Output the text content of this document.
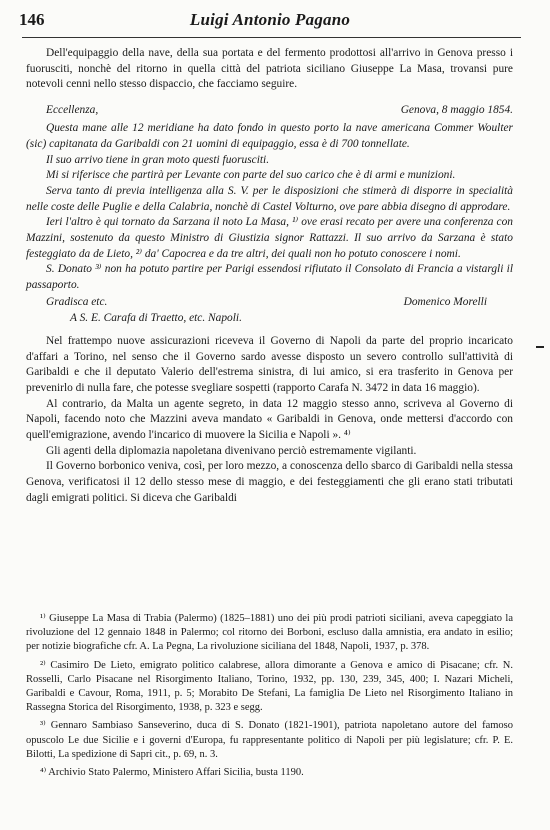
146	Luigi Antonio Pagano

Dell'equipaggio della nave, della sua portata e del fermento prodottosi all'arrivo in Genova presso i fuorusciti, nonchè del ritorno in quella città del patriota siciliano Giuseppe La Masa, trovansi pure notevoli cenni nello stesso dispaccio, che facciamo seguire.

Eccellenza,	Genova, 8 maggio 1854.

Questa mane alle 12 meridiane ha dato fondo in questo porto la nave americana Commer Woulter (sic) capitanata da Garibaldi con 21 uomini di equipaggio, essa è di 700 tonnellate.

Il suo arrivo tiene in gran moto questi fuorusciti.

Mi si riferisce che partirà per Levante con parte del suo carico che è di armi e munizioni.

Serva tanto di previa intelligenza alla S. V. per le disposizioni che stimerà di disporre in specialità nelle coste delle Puglie e della Calabria, nonchè di Castel Volturno, ove pare abbia disegno di approdare.

Ieri l'altro è qui tornato da Sarzana il noto La Masa, ¹⁾ ove erasi recato per avere una conferenza con Mazzini, sostenuto da questo Ministro di Giustizia signor Rattazzi. Il suo arrivo da Sarzana è stato festeggiato da de Lieto, ²⁾ da' Capocrea e da tre altri, dei quali non ho potuto conoscere i nomi.

S. Donato ³⁾ non ha potuto partire per Parigi essendosi rifiutato il Consolato di Francia a vistargli il passaporto.

Gradisca etc.	Domenico Morelli
A S. E. Carafa di Traetto, etc. Napoli.

Nel frattempo nuove assicurazioni riceveva il Governo di Napoli da parte del proprio incaricato d'affari a Torino, nel senso che il Governo sardo avesse disposto un severo controllo sull'attività di Garibaldi e che il deputato Valerio dell'estrema sinistra, di lui amico, si era trasferito in Genova per prevenirlo di nulla fare, che potesse svegliare sospetti (rapporto Carafa N. 3472 in data 16 maggio).

Al contrario, da Malta un agente segreto, in data 12 maggio stesso anno, scriveva al Governo di Napoli, facendo noto che Mazzini aveva mandato « Garibaldi in Genova, onde mettersi d'accordo con quell'emigrazione, avendo l'incarico di muovere la Sicilia e Napoli ». ⁴⁾

Gli agenti della diplomazia napoletana divenivano perciò estremamente vigilanti.

Il Governo borbonico veniva, così, per loro mezzo, a conoscenza dello sbarco di Garibaldi nella stessa Genova, verificatosi il 12 dello stesso mese di maggio, e dei festeggiamenti che gli erano stati tributati dagli emigrati politici. Si diceva che Garibaldi

¹⁾ Giuseppe La Masa di Trabia (Palermo) (1825–1881) uno dei più prodi patrioti siciliani, aveva capeggiato la rivoluzione del 12 gennaio 1848 in Palermo; col ritorno dei Borboni, escluso dalla amnistia, era andato in esilio; per notizie biografiche cfr. A. La Pegna, La rivoluzione siciliana del 1848, Napoli, 1937, p. 378.

²⁾ Casimiro De Lieto, emigrato politico calabrese, allora dimorante a Genova e amico di Pisacane; cfr. N. Rosselli, Carlo Pisacane nel Risorgimento Italiano, Torino, 1932, pp. 130, 239, 345, 400; I. Nazari Micheli, Garibaldi e Cavour, Roma, 1911, p. 5; Morabito De Stefani, La famiglia De Lieto nel Risorgimento Italiano in Rassegna Storica del Risorgimento, 1938, p. 323 e segg.

³⁾ Gennaro Sambiaso Sanseverino, duca di S. Donato (1821-1901), patriota napoletano autore del famoso opuscolo Le due Sicilie e i governi d'Europa, fu rappresentante politico di Napoli per più legislature; cfr. P. E. Bilotti, La spedizione di Sapri cit., p. 69, n. 3.

⁴⁾ Archivio Stato Palermo, Ministero Affari Sicilia, busta 1190.
